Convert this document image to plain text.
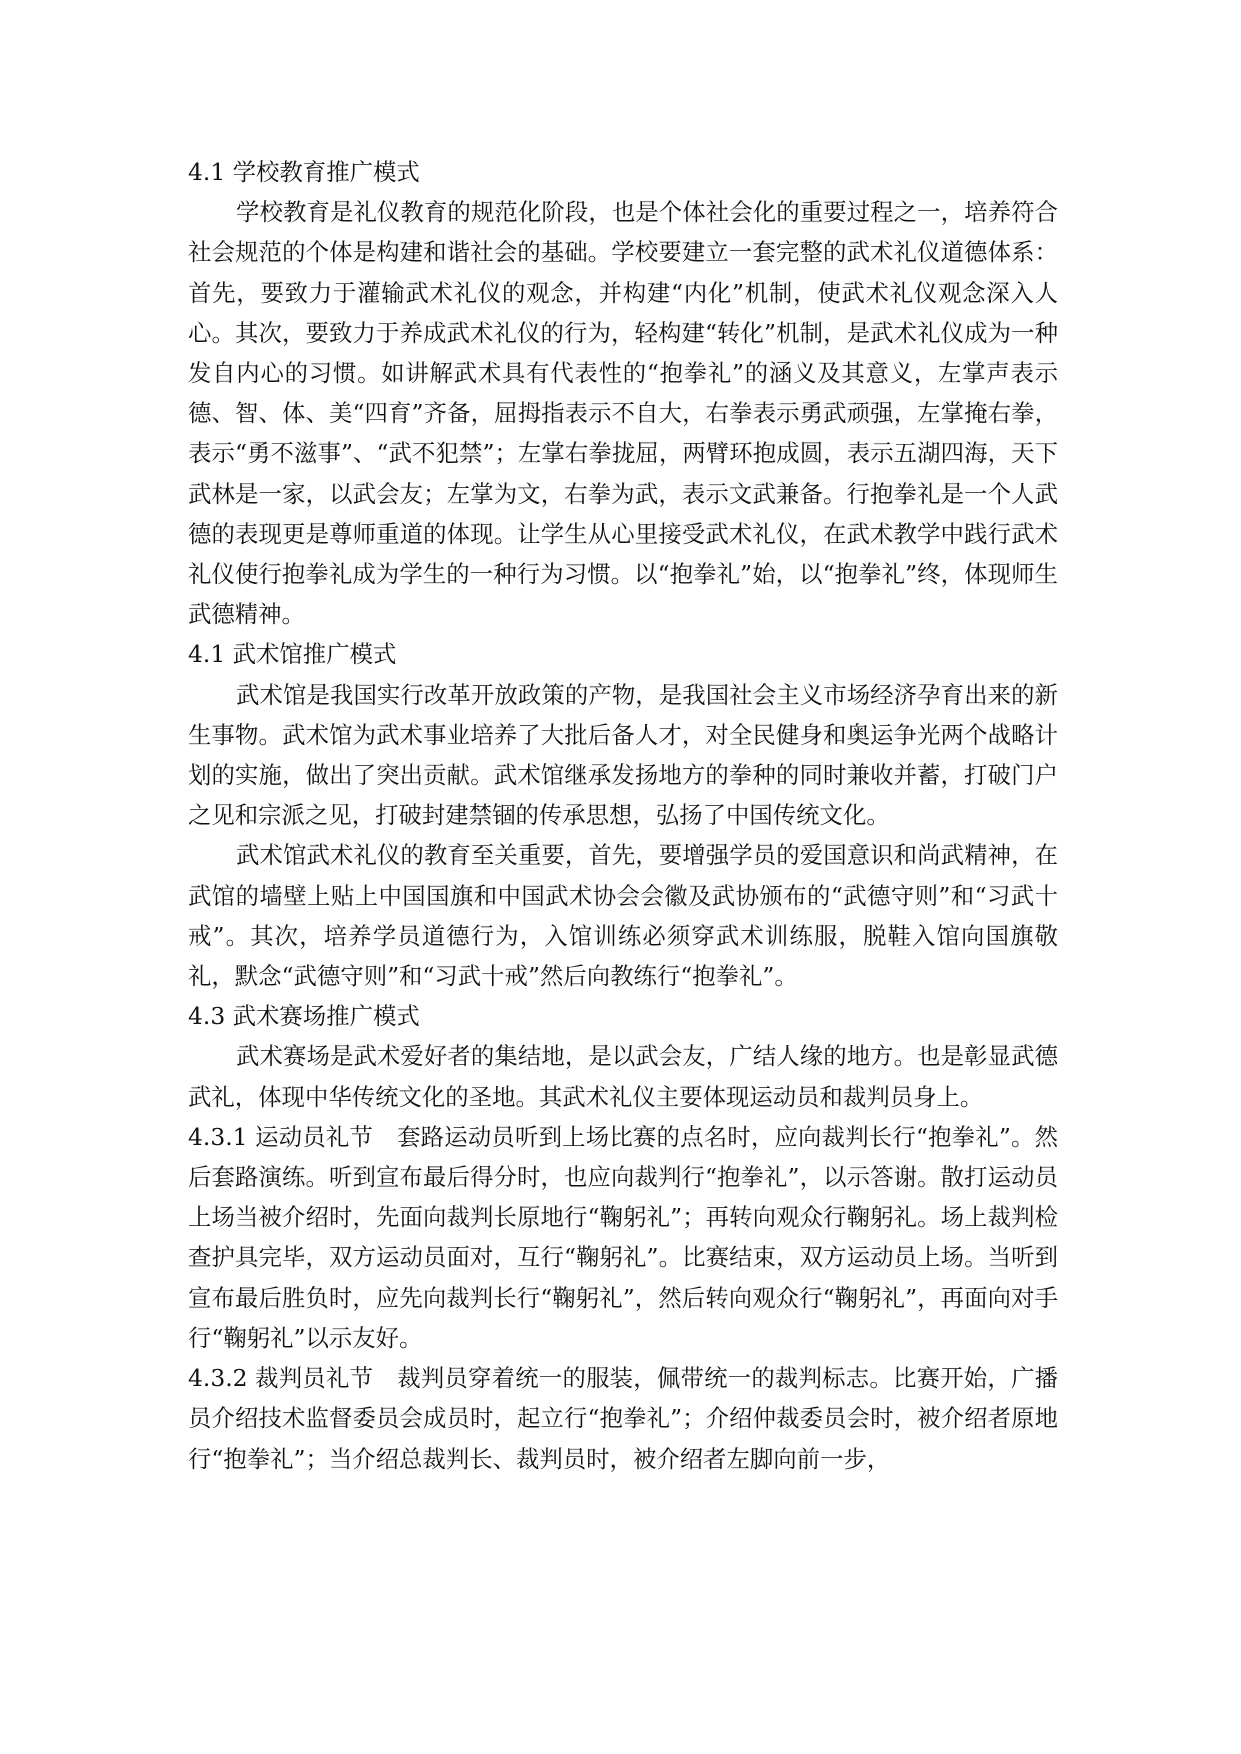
4.1 学校教育推广模式

学校教育是礼仪教育的规范化阶段，也是个体社会化的重要过程之一，培养符合社会规范的个体是构建和谐社会的基础。学校要建立一套完整的武术礼仪道德体系：首先，要致力于灌输武术礼仪的观念，并构建“内化”机制，使武术礼仪观念深入人心。其次，要致力于养成武术礼仪的行为，轻构建“转化”机制，是武术礼仪成为一种发自内心的习惯。如讲解武术具有代表性的“抱拳礼”的涵义及其意义，左掌声表示德、智、体、美“四育”齐备，屈拇指表示不自大，右拳表示勇武顽强，左掌掩右拳，表示“勇不滋事”、“武不犯禁”；左掌右拳拢屈，两臂环抱成圆，表示五湖四海，天下武林是一家，以武会友；左掌为文，右拳为武，表示文武兼备。行抱拳礼是一个人武德的表现更是尊师重道的体现。让学生从心里接受武术礼仪，在武术教学中践行武术礼仪使行抱拳礼成为学生的一种行为习惯。以“抱拳礼”始，以“抱拳礼”终，体现师生武德精神。

4.1 武术馆推广模式

武术馆是我国实行改革开放政策的产物，是我国社会主义市场经济孕育出来的新生事物。武术馆为武术事业培养了大批后备人才，对全民健身和奥运争光两个战略计划的实施，做出了突出贡献。武术馆继承发扬地方的拳种的同时兼收并蓄，打破门户之见和宗派之见，打破封建禁锢的传承思想，弘扬了中国传统文化。

武术馆武术礼仪的教育至关重要，首先，要增强学员的爱国意识和尚武精神，在武馆的墙壁上贴上中国国旗和中国武术协会会徽及武协颁布的“武德守则”和“习武十戒”。其次，培养学员道德行为，入馆训练必须穿武术训练服，脱鞋入馆向国旗敬礼，默念“武德守则”和“习武十戒”然后向教练行“抱拳礼”。

4.3 武术赛场推广模式

武术赛场是武术爱好者的集结地，是以武会友，广结人缘的地方。也是彰显武德武礼，体现中华传统文化的圣地。其武术礼仪主要体现运动员和裁判员身上。

4.3.1 运动员礼节 套路运动员听到上场比赛的点名时，应向裁判长行“抱拳礼”。然后套路演练。听到宣布最后得分时，也应向裁判行“抱拳礼”，以示答谢。散打运动员上场当被介绍时，先面向裁判长原地行“鞠躬礼”；再转向观众行鞠躬礼。场上裁判检查护具完毕，双方运动员面对，互行“鞠躬礼”。比赛结束，双方运动员上场。当听到宣布最后胜负时，应先向裁判长行“鞠躬礼”，然后转向观众行“鞠躬礼”，再面向对手行“鞠躬礼”以示友好。

4.3.2 裁判员礼节 裁判员穿着统一的服装，佩带统一的裁判标志。比赛开始，广播员介绍技术监督委员会成员时，起立行“抱拳礼”；介绍仲裁委员会时，被介绍者原地行“抱拳礼”；当介绍总裁判长、裁判员时，被介绍者左脚向前一步，
